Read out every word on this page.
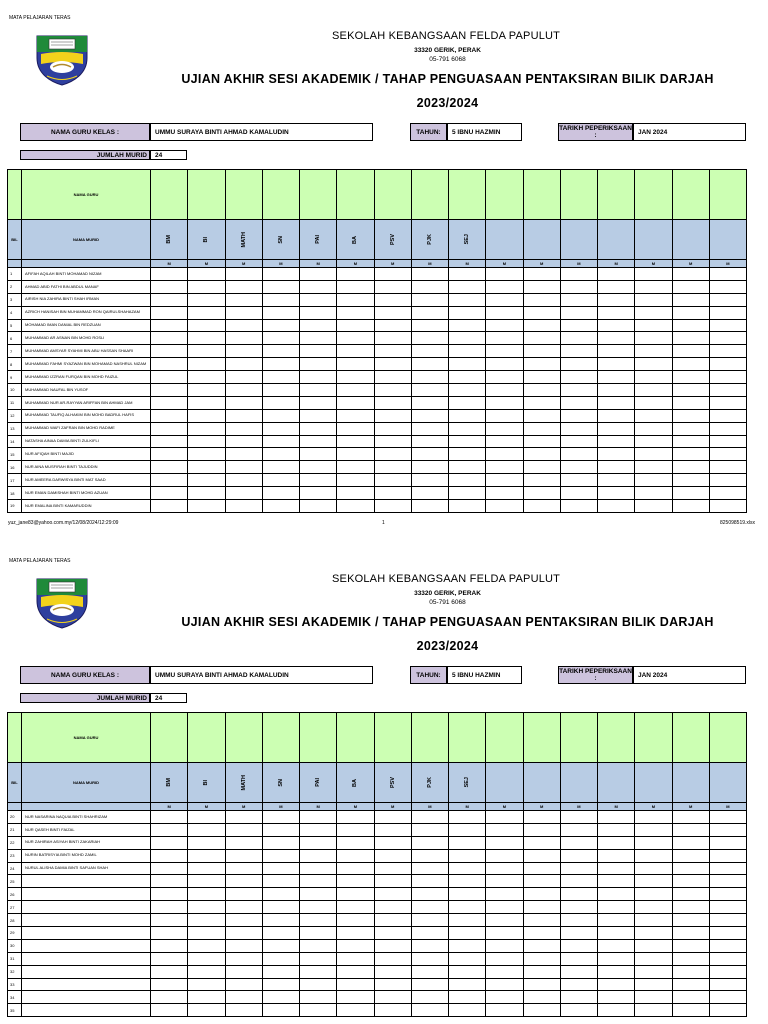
MATA PELAJARAN TERAS
SEKOLAH KEBANGSAAN FELDA PAPULUT
33320 GERIK, PERAK
05-791 6068
UJIAN AKHIR SESI AKADEMIK / TAHAP PENGUASAAN PENTAKSIRAN BILIK DARJAH
2023/2024
NAMA GURU KELAS :	UMMU SURAYA BINTI AHMAD KAMALUDIN	TAHUN:	5 IBNU HAZMIN	TARIKH PEPERIKSAAN :	JAN 2024
JUMLAH MURID	24
	NAMA GURU																
BIL	NAMA MURID	BM	BI	MATH	SN	PAI	BA	PSV	PJK	SEJ							

		M	M	M	M	M	M	M	M	M	M	M	M	M	M	M	M
1	AFIFAH AQILAH BINTI MOHAMAD NIZAM																
2	AHMAD ABID FATHI BIN ABDUL MANAF																
3	AIRISH NIA ZAHIRA BINTI SHAH IRMAN																
4	AZRICH HANISAH BIN MUHAMMAD RON QAIRULSHAHAZAM																
5	MOHAMAD IMAN DANIAL BIN REDZUAN																
6	MUHAMMAD AR ASNAN BIN MOHD ROSLI																
7	MUHAMMAD AMSYAR SYAHMI BIN ABU HASSAN SHAARI																
8	MUHAMMAD FAHMI SYAZWAN BIN MOHAMAD NASHRUL NIZAM																
9	MUHAMMAD IZZRAN FURQAN BIN MOHD FAIZUL																
10	MUHAMMAD NAUFAL BIN YUSOF																
11	MUHAMMAD NUR AR-RAYYAN ARIFFAN BIN AHMAD JAM																
12	MUHAMMAD TAUFIQ ALHAKIM BIN MOHD BADRUL HAFIS																
13	MUHAMMAD WAFI ZAFRAN BIN MOHD RADIME																
14	NATASHA AINAA DAMIA BINTI ZULKIFLI																
15	NUR AFIQAH BINTI MAJID																
16	NUR AINA MUSFIRAH BINTI TAJUDDIN																
17	NUR AMEERA DARWISYA BINTI MAT SAAD																
18	NUR EMAN DAMISHAH BINTI MOHD AZUAN																
19	NUR EMALINA BINTI KAMARUDDIN																
yuz_jane83@yahoo.com.my/12/08/2024/12:29:09	1	825098519.xlsx
MATA PELAJARAN TERAS
SEKOLAH KEBANGSAAN FELDA PAPULUT
33320 GERIK, PERAK
05-791 6068
UJIAN AKHIR SESI AKADEMIK / TAHAP PENGUASAAN PENTAKSIRAN BILIK DARJAH
2023/2024
NAMA GURU KELAS :	UMMU SURAYA BINTI AHMAD KAMALUDIN	TAHUN:	5 IBNU HAZMIN	TARIKH PEPERIKSAAN :	JAN 2024
JUMLAH MURID	24
	NAMA GURU																
BIL	NAMA MURID	BM	BI	MATH	SN	PAI	BA	PSV	PJK	SEJ							

		M	M	M	M	M	M	M	M	M	M	M	M	M	M	M	M
20	NUR NASARINA NAQUIA BINTI SHAHRIZAM																
21	NUR QASEH BINTI FAIZAL																
22	NUR ZAHIRAH ASIYAH BINTI ZAKARIAH																
23	NURIN BATRISYIA BINTI MOHD ZAMIL																
24	NURUL ALISHA DAMIA BINTI SAFUAN SHAH																
25																	
26																	
27																	
28																	
29																	
30																	
31																	
32																	
33																	
34																	
35																	
